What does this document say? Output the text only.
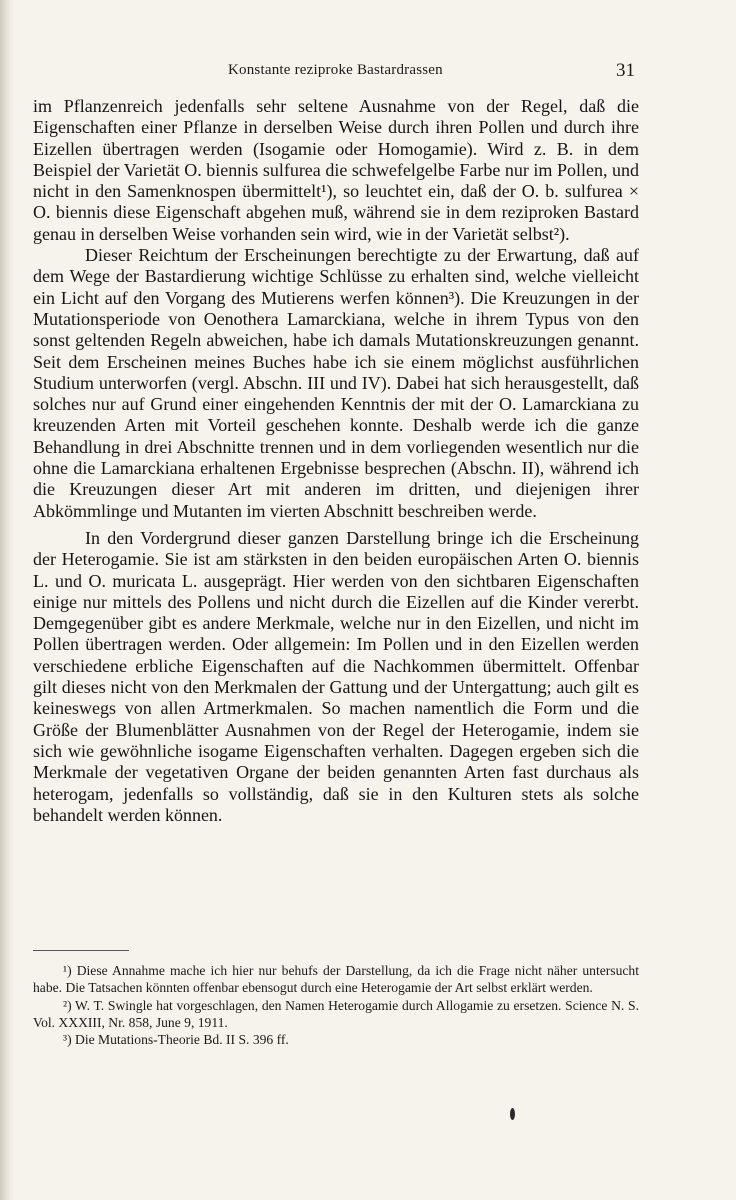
Konstante reziproke Bastardrassen	31

im Pflanzenreich jedenfalls sehr seltene Ausnahme von der Regel, daß die Eigenschaften einer Pflanze in derselben Weise durch ihren Pollen und durch ihre Eizellen übertragen werden (Isogamie oder Homogamie). Wird z. B. in dem Beispiel der Varietät O. biennis sulfurea die schwefelgelbe Farbe nur im Pollen, und nicht in den Samenknospen übermittelt¹), so leuchtet ein, daß der O. b. sulfurea × O. biennis diese Eigenschaft abgehen muß, während sie in dem reziproken Bastard genau in derselben Weise vorhanden sein wird, wie in der Varietät selbst²).

Dieser Reichtum der Erscheinungen berechtigte zu der Erwartung, daß auf dem Wege der Bastardierung wichtige Schlüsse zu erhalten sind, welche vielleicht ein Licht auf den Vorgang des Mutierens werfen können³). Die Kreuzungen in der Mutationsperiode von Oenothera Lamarckiana, welche in ihrem Typus von den sonst geltenden Regeln abweichen, habe ich damals Mutationskreuzungen genannt. Seit dem Erscheinen meines Buches habe ich sie einem möglichst ausführlichen Studium unterworfen (vergl. Abschn. III und IV). Dabei hat sich herausgestellt, daß solches nur auf Grund einer eingehenden Kenntnis der mit der O. Lamarckiana zu kreuzenden Arten mit Vorteil geschehen konnte. Deshalb werde ich die ganze Behandlung in drei Abschnitte trennen und in dem vorliegenden wesentlich nur die ohne die Lamarckiana erhaltenen Ergebnisse besprechen (Abschn. II), während ich die Kreuzungen dieser Art mit anderen im dritten, und diejenigen ihrer Abkömmlinge und Mutanten im vierten Abschnitt beschreiben werde.

In den Vordergrund dieser ganzen Darstellung bringe ich die Erscheinung der Heterogamie. Sie ist am stärksten in den beiden europäischen Arten O. biennis L. und O. muricata L. ausgeprägt. Hier werden von den sichtbaren Eigenschaften einige nur mittels des Pollens und nicht durch die Eizellen auf die Kinder vererbt. Demgegenüber gibt es andere Merkmale, welche nur in den Eizellen, und nicht im Pollen übertragen werden. Oder allgemein: Im Pollen und in den Eizellen werden verschiedene erbliche Eigenschaften auf die Nachkommen übermittelt. Offenbar gilt dieses nicht von den Merkmalen der Gattung und der Untergattung; auch gilt es keineswegs von allen Artmerkmalen. So machen namentlich die Form und die Größe der Blumenblätter Ausnahmen von der Regel der Heterogamie, indem sie sich wie gewöhnliche isogame Eigenschaften verhalten. Dagegen ergeben sich die Merkmale der vegetativen Organe der beiden genannten Arten fast durchaus als heterogam, jedenfalls so vollständig, daß sie in den Kulturen stets als solche behandelt werden können.

¹) Diese Annahme mache ich hier nur behufs der Darstellung, da ich die Frage nicht näher untersucht habe. Die Tatsachen könnten offenbar ebensogut durch eine Heterogamie der Art selbst erklärt werden.

²) W. T. Swingle hat vorgeschlagen, den Namen Heterogamie durch Allogamie zu ersetzen. Science N. S. Vol. XXXIII, Nr. 858, June 9, 1911.

³) Die Mutations-Theorie Bd. II S. 396 ff.
